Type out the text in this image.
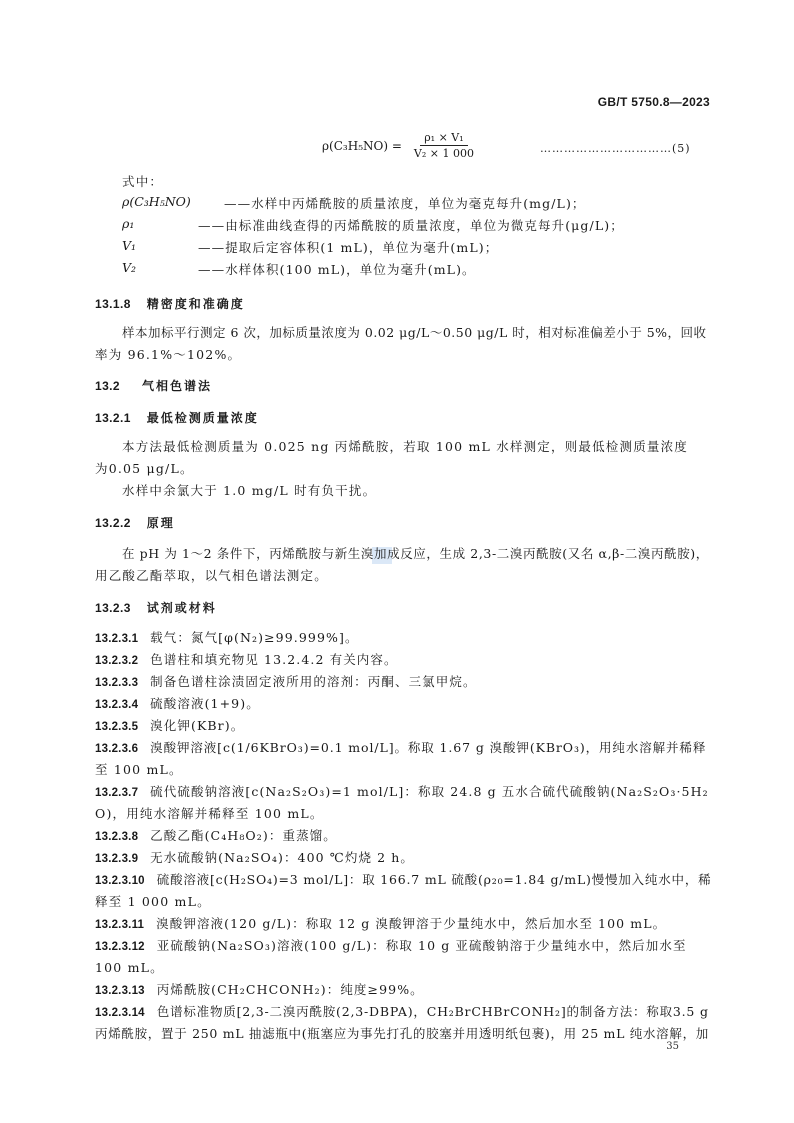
GB/T 5750.8—2023
$\rho(C_3H_5NO) = \frac{\text{ρ₁ × V₁}}{\text{V₂ × 1 000}}$	……………………………(5)
式中：
ρ(C₃H₅NO)	——水样中丙烯酰胺的质量浓度，单位为毫克每升(mg/L)；
ρ₁	——由标准曲线查得的丙烯酰胺的质量浓度，单位为微克每升(μg/L)；
V₁	——提取后定容体积(1 mL)，单位为毫升(mL)；
V₂	——水样体积(100 mL)，单位为毫升(mL)。
13.1.8 精密度和准确度
样本加标平行测定 6 次，加标质量浓度为 0.02 μg/L～0.50 μg/L 时，相对标准偏差小于 5%，回收
率为 96.1%～102%。
13.2 气相色谱法
13.2.1 最低检测质量浓度
本方法最低检测质量为 0.025 ng 丙烯酰胺，若取 100 mL 水样测定，则最低检测质量浓度
为0.05 μg/L。
水样中余氯大于 1.0 mg/L 时有负干扰。
13.2.2 原理
在 pH 为 1～2 条件下，丙烯酰胺与新生溴加成反应，生成 2,3-二溴丙酰胺(又名 α,β-二溴丙酰胺)，
用乙酸乙酯萃取，以气相色谱法测定。
13.2.3 试剂或材料
13.2.3.1 载气：氮气[φ(N₂)≥99.999%]。
13.2.3.2 色谱柱和填充物见 13.2.4.2 有关内容。
13.2.3.3 制备色谱柱涂渍固定液所用的溶剂：丙酮、三氯甲烷。
13.2.3.4 硫酸溶液(1+9)。
13.2.3.5 溴化钾(KBr)。
13.2.3.6 溴酸钾溶液[c(1/6KBrO₃)=0.1 mol/L]。称取 1.67 g 溴酸钾(KBrO₃)，用纯水溶解并稀释
至 100 mL。
13.2.3.7 硫代硫酸钠溶液[c(Na₂S₂O₃)=1 mol/L]：称取 24.8 g 五水合硫代硫酸钠(Na₂S₂O₃·5H₂
O)，用纯水溶解并稀释至 100 mL。
13.2.3.8 乙酸乙酯(C₄H₈O₂)：重蒸馏。
13.2.3.9 无水硫酸钠(Na₂SO₄)：400 ℃灼烧 2 h。
13.2.3.10 硫酸溶液[c(H₂SO₄)=3 mol/L]：取 166.7 mL 硫酸(ρ₂₀=1.84 g/mL)慢慢加入纯水中，稀
释至 1 000 mL。
13.2.3.11 溴酸钾溶液(120 g/L)：称取 12 g 溴酸钾溶于少量纯水中，然后加水至 100 mL。
13.2.3.12 亚硫酸钠(Na₂SO₃)溶液(100 g/L)：称取 10 g 亚硫酸钠溶于少量纯水中，然后加水至
100 mL。
13.2.3.13 丙烯酰胺(CH₂CHCONH₂)：纯度≥99%。
13.2.3.14 色谱标准物质[2,3-二溴丙酰胺(2,3-DBPA)，CH₂BrCHBrCONH₂]的制备方法：称取3.5 g
丙烯酰胺，置于 250 mL 抽滤瓶中(瓶塞应为事先打孔的胶塞并用透明纸包裹)，用 25 mL 纯水溶解，加
35
